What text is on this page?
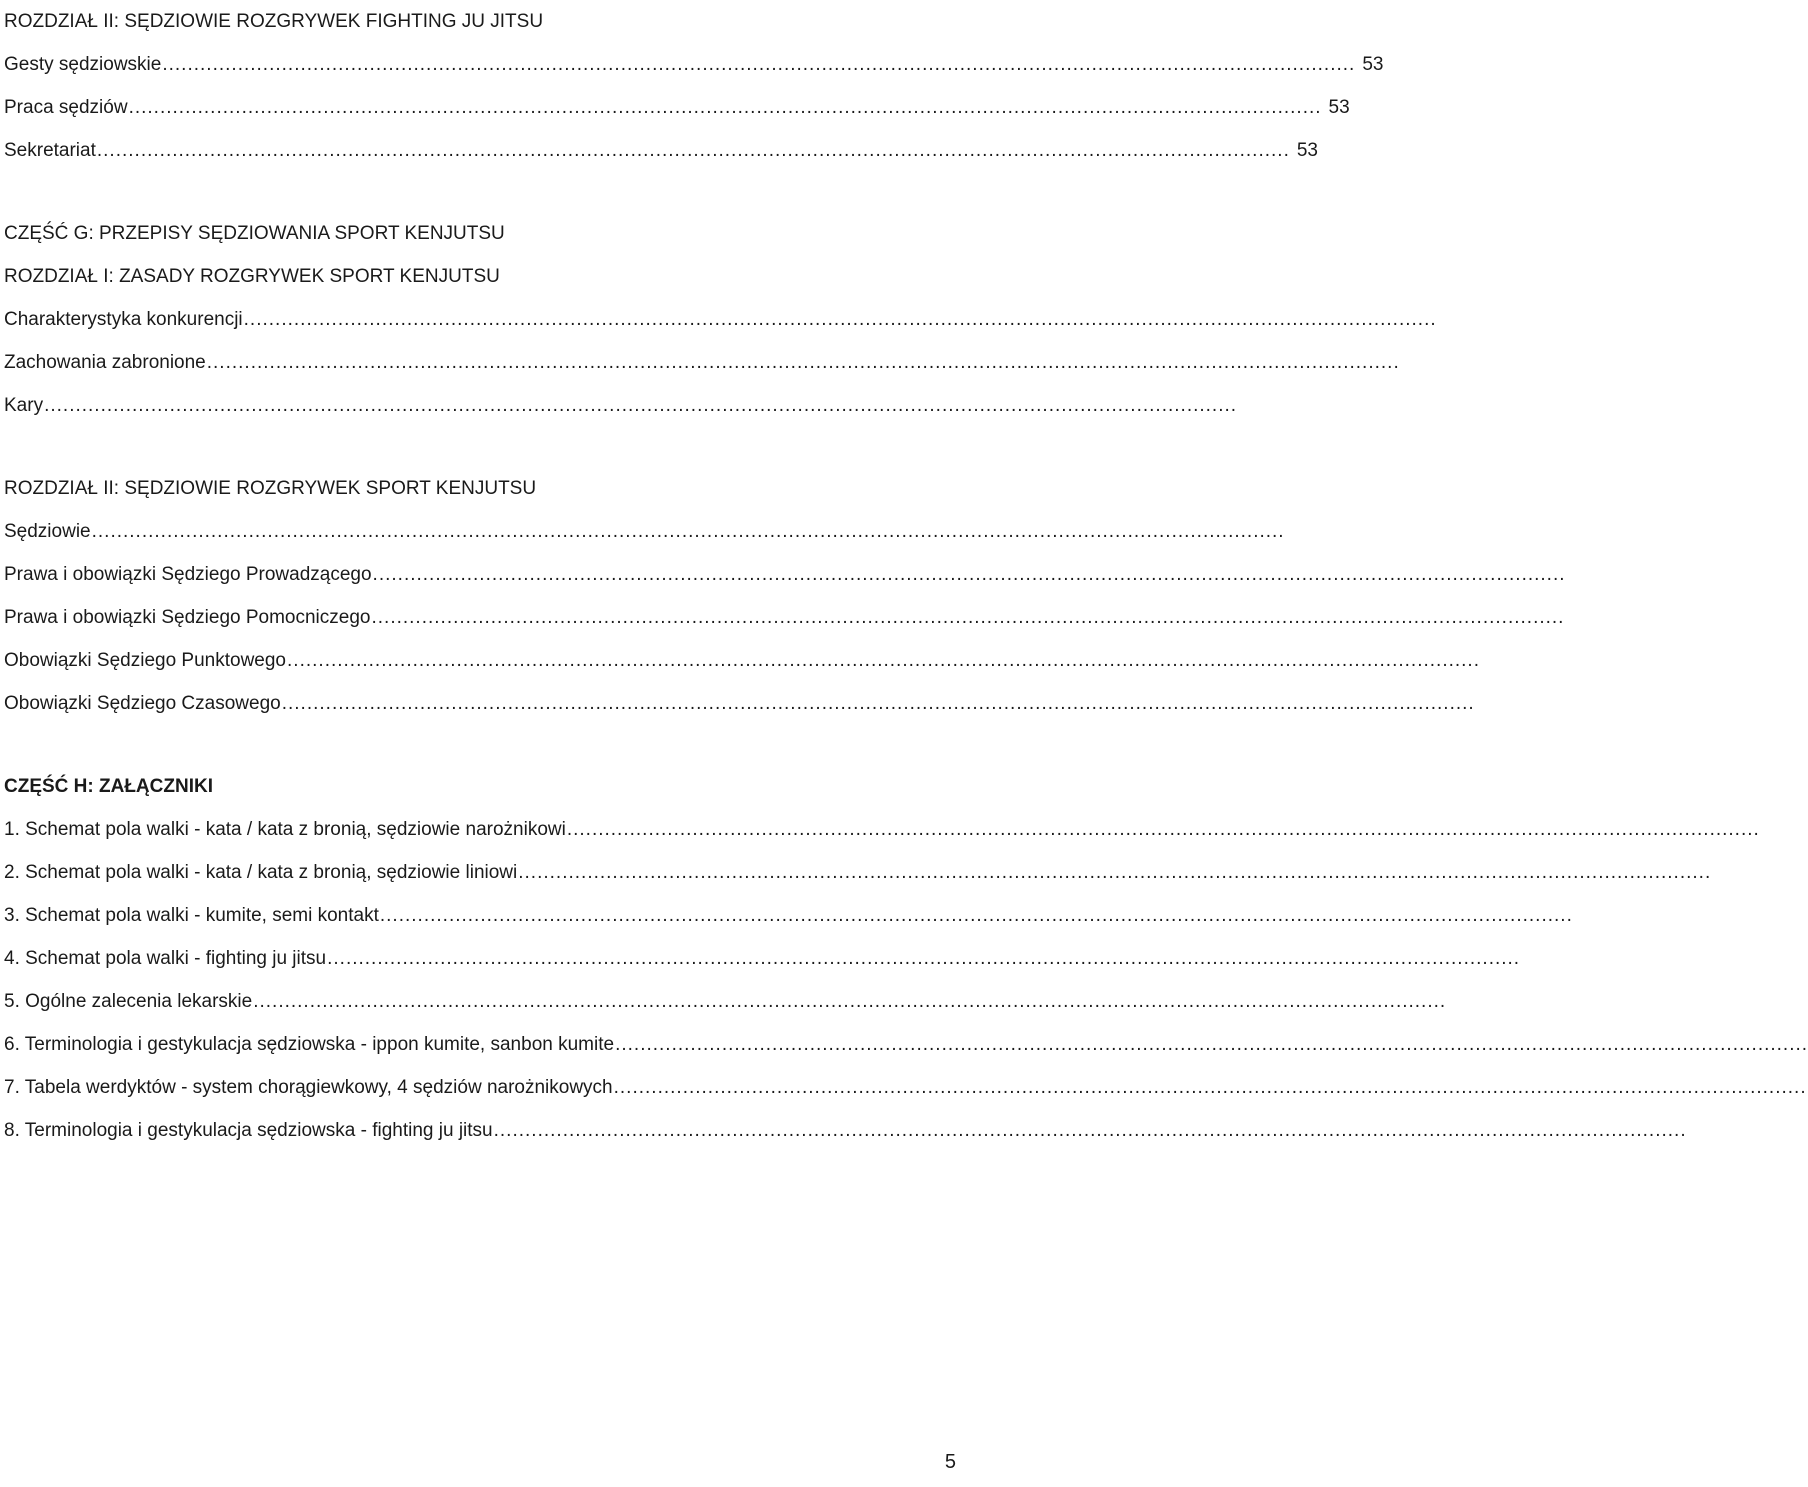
ROZDZIAŁ II: SĘDZIOWIE ROZGRYWEK FIGHTING JU JITSU
Gesty sędziowskie .............................................................................................................................................................................................. 53
Praca sędziów .............................................................................................................................................................................................. 53
Sekretariat .............................................................................................................................................................................................. 53
CZĘŚĆ G: PRZEPISY SĘDZIOWANIA SPORT KENJUTSU
ROZDZIAŁ I: ZASADY ROZGRYWEK SPORT KENJUTSU
Charakterystyka konkurencji ..............................................................................................................................................................................................
Zachowania zabronione ..............................................................................................................................................................................................
Kary ..............................................................................................................................................................................................
ROZDZIAŁ II: SĘDZIOWIE ROZGRYWEK SPORT KENJUTSU
Sędziowie ..............................................................................................................................................................................................
Prawa i obowiązki Sędziego Prowadzącego ..............................................................................................................................................................................................
Prawa i obowiązki Sędziego Pomocniczego ..............................................................................................................................................................................................
Obowiązki Sędziego Punktowego ..............................................................................................................................................................................................
Obowiązki Sędziego Czasowego ..............................................................................................................................................................................................
CZĘŚĆ H: ZAŁĄCZNIKI
1. Schemat pola walki - kata / kata z bronią, sędziowie narożnikowi ..............................................................................................................................................................................................
2. Schemat pola walki - kata / kata z bronią, sędziowie liniowi ..............................................................................................................................................................................................
3. Schemat pola walki - kumite, semi kontakt ..............................................................................................................................................................................................
4. Schemat pola walki - fighting ju jitsu ..............................................................................................................................................................................................
5. Ogólne zalecenia lekarskie ..............................................................................................................................................................................................
6. Terminologia i gestykulacja sędziowska - ippon kumite, sanbon kumite ..............................................................................................................................................................................................
7. Tabela werdyktów - system chorągiewkowy, 4 sędziów narożnikowych ..............................................................................................................................................................................................
8. Terminologia i gestykulacja sędziowska - fighting ju jitsu ..............................................................................................................................................................................................
5
